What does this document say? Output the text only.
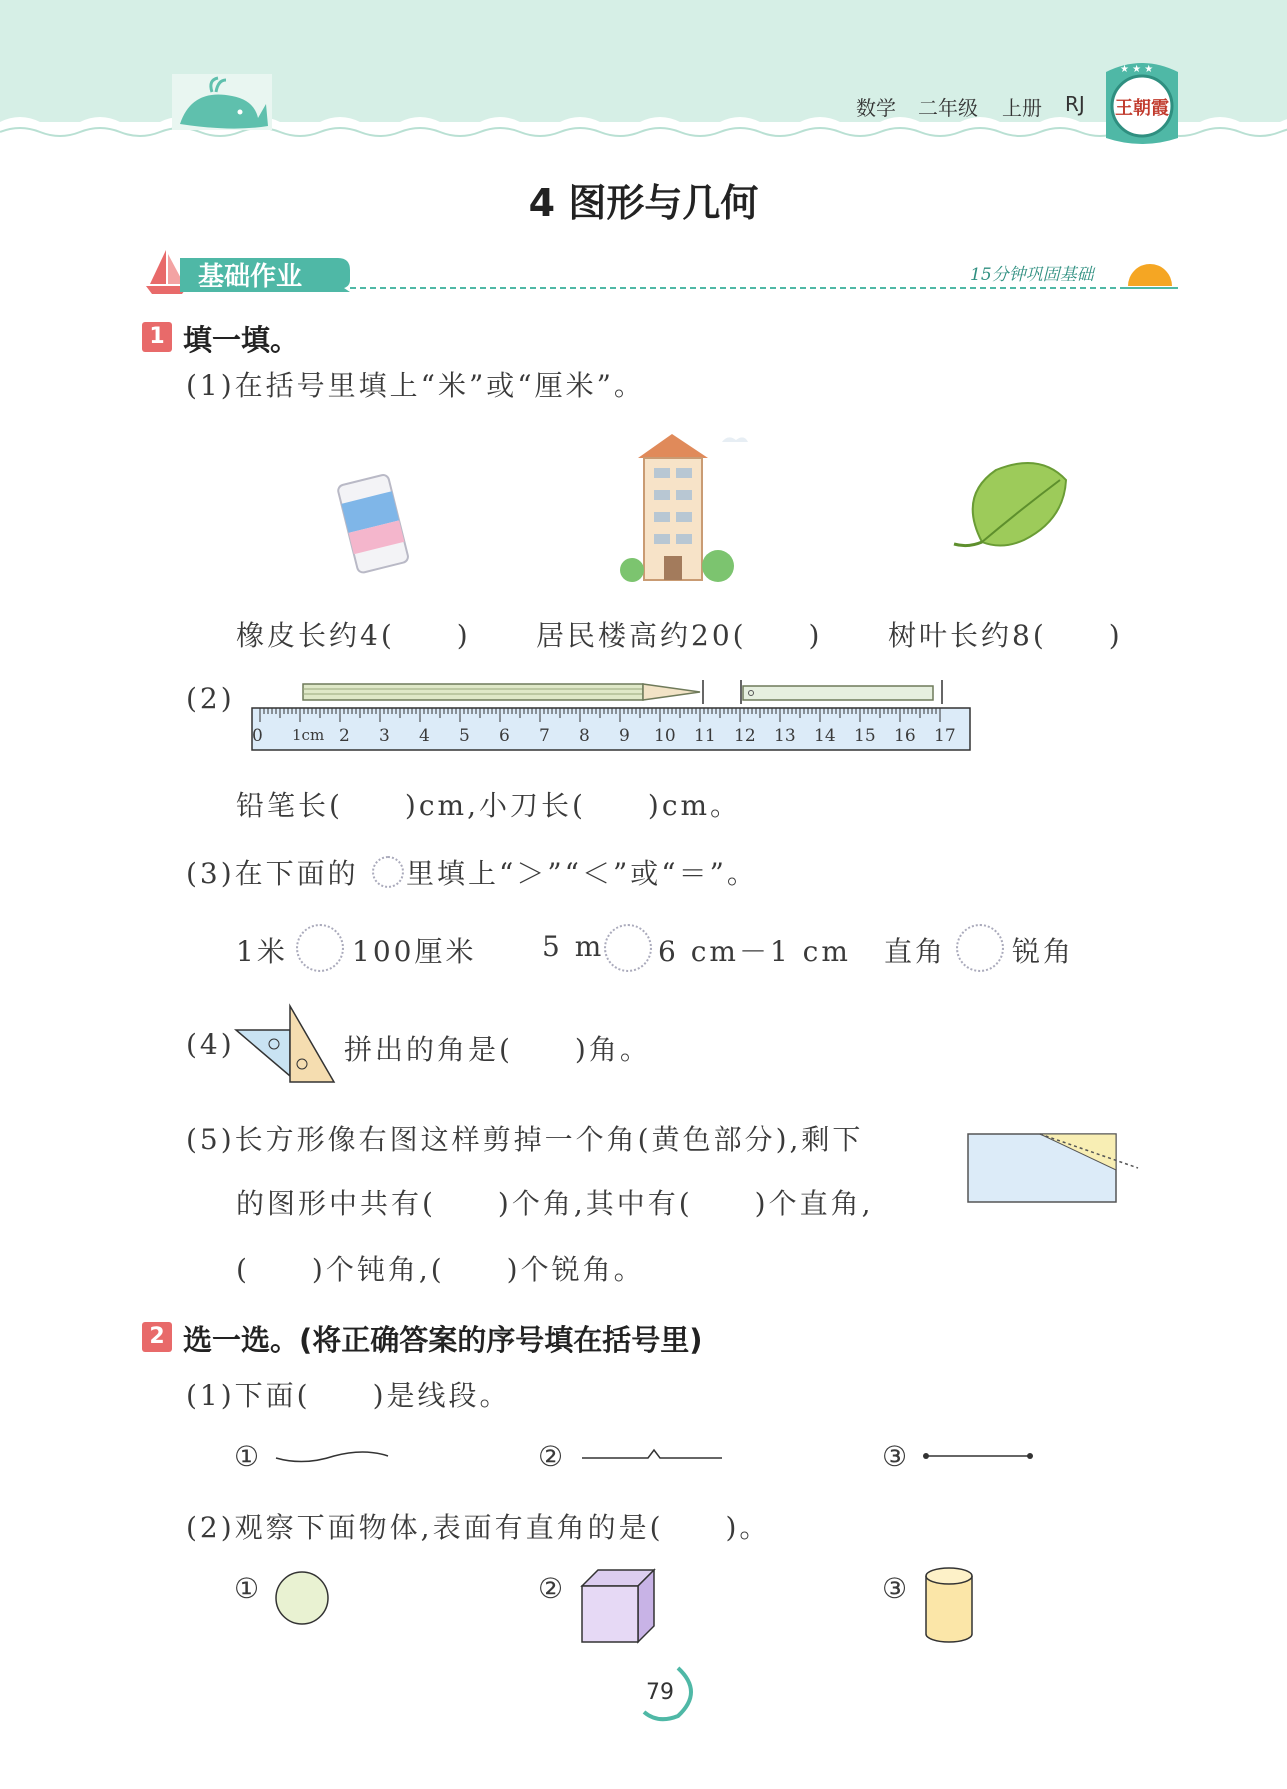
数学 二年级 上册 RJ
★ ★ ★
王朝霞
4 图形与几何
基础作业	15分钟巩固基础
1 填一填。
(1)在括号里填上“米”或“厘米”。
橡皮长约4(　　) 居民楼高约20(　　) 树叶长约8(　　)
(2)
0 1cm 2 3 4 5 6 7 8 9 10 11 12 13 14 15 16 17
铅笔长(　　)cm,小刀长(　　)cm。
(3)在下面的 里填上“＞”“＜”或“＝”。
1米 100厘米 5 m 6 cm－1 cm 直角 锐角
(4)	拼出的角是(　　)角。
(5)长方形像右图这样剪掉一个角(黄色部分),剩下
的图形中共有(　　)个角,其中有(　　)个直角,
(　　)个钝角,(　　)个锐角。
2 选一选。(将正确答案的序号填在括号里)
(1)下面(　　)是线段。
①	②	③
(2)观察下面物体,表面有直角的是(　　)。
①	②	③
79
